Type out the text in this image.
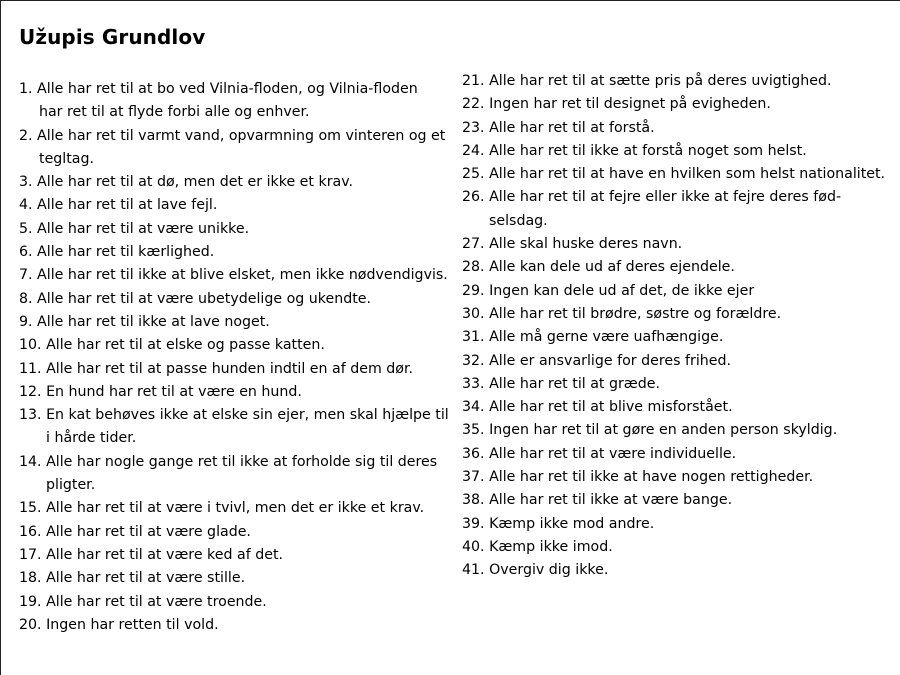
Užupis Grundlov
1. Alle har ret til at bo ved Vilnia-floden, og Vilnia-floden
har ret til at flyde forbi alle og enhver.
2. Alle har ret til varmt vand, opvarmning om vinteren og et
tegltag.
3. Alle har ret til at dø, men det er ikke et krav.
4. Alle har ret til at lave fejl.
5. Alle har ret til at være unikke.
6. Alle har ret til kærlighed.
7. Alle har ret til ikke at blive elsket, men ikke nødvendigvis.
8. Alle har ret til at være ubetydelige og ukendte.
9. Alle har ret til ikke at lave noget.
10. Alle har ret til at elske og passe katten.
11. Alle har ret til at passe hunden indtil en af dem dør.
12. En hund har ret til at være en hund.
13. En kat behøves ikke at elske sin ejer, men skal hjælpe til
i hårde tider.
14. Alle har nogle gange ret til ikke at forholde sig til deres
pligter.
15. Alle har ret til at være i tvivl, men det er ikke et krav.
16. Alle har ret til at være glade.
17. Alle har ret til at være ked af det.
18. Alle har ret til at være stille.
19. Alle har ret til at være troende.
20. Ingen har retten til vold.
21. Alle har ret til at sætte pris på deres uvigtighed.
22. Ingen har ret til designet på evigheden.
23. Alle har ret til at forstå.
24. Alle har ret til ikke at forstå noget som helst.
25. Alle har ret til at have en hvilken som helst nationalitet.
26. Alle har ret til at fejre eller ikke at fejre deres fød-
selsdag.
27. Alle skal huske deres navn.
28. Alle kan dele ud af deres ejendele.
29. Ingen kan dele ud af det, de ikke ejer
30. Alle har ret til brødre, søstre og forældre.
31. Alle må gerne være uafhængige.
32. Alle er ansvarlige for deres frihed.
33. Alle har ret til at græde.
34. Alle har ret til at blive misforstået.
35. Ingen har ret til at gøre en anden person skyldig.
36. Alle har ret til at være individuelle.
37. Alle har ret til ikke at have nogen rettigheder.
38. Alle har ret til ikke at være bange.
39. Kæmp ikke mod andre.
40. Kæmp ikke imod.
41. Overgiv dig ikke.
